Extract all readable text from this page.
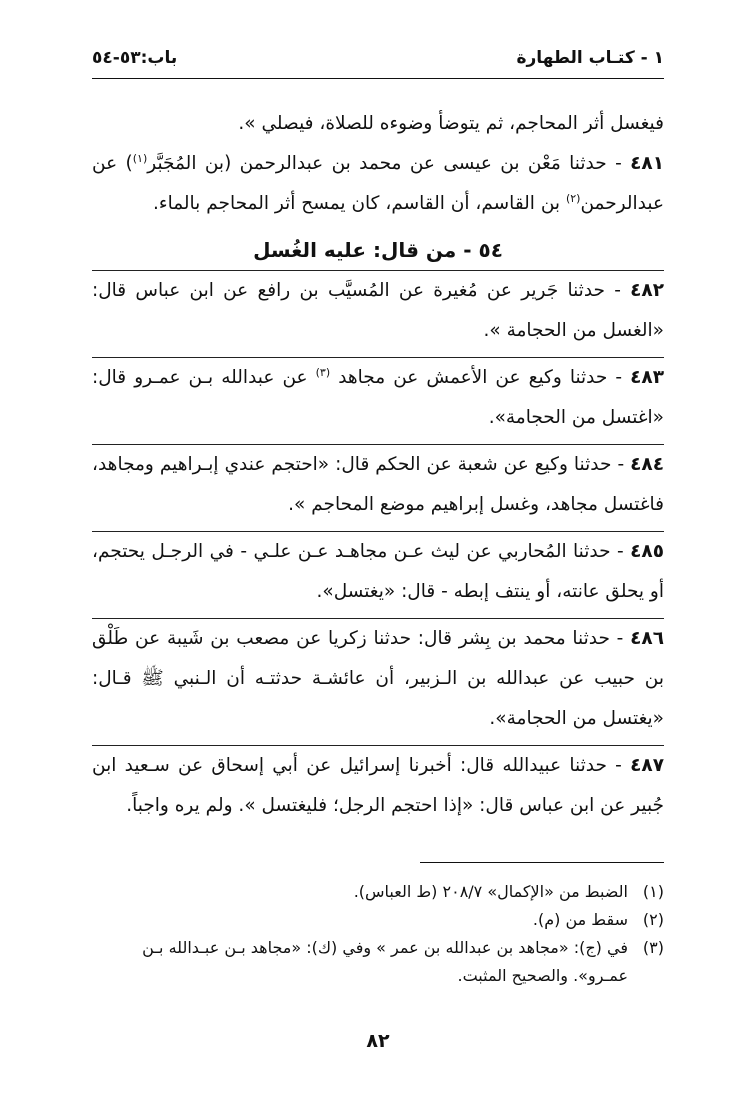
١ - كتـاب الطهارة
باب:٥٣-٥٤

فيغسل أثر المحاجم، ثم يتوضأ وضوءه للصلاة، فيصلي ».

٤٨١ - حدثنا مَعْن بن عيسى عن محمد بن عبدالرحمن (بن المُجَبَّر$^{(١)}$) عن عبدالرحمن$^{(٢)}$ بن القاسم، أن القاسم، كان يمسح أثر المحاجم بالماء.

٥٤ - من قال: عليه الغُسل

٤٨٢ - حدثنا جَرير عن مُغيرة عن المُسيَّب بن رافع عن ابن عباس قال: «الغسل من الحجامة ».

٤٨٣ - حدثنا وكيع عن الأعمش عن مجاهد $^{(٣)}$ عن عبدالله بـن عمـرو قال: «اغتسل من الحجامة».

٤٨٤ - حدثنا وكيع عن شعبة عن الحكم قال: «احتجم عندي إبـراهيم ومجاهد، فاغتسل مجاهد، وغسل إبراهيم موضع المحاجم ».

٤٨٥ - حدثنا المُحاربي عن ليث عـن مجاهـد عـن علـي - في الرجـل يحتجم، أو يحلق عانته، أو ينتف إبطه - قال: «يغتسل».

٤٨٦ - حدثنا محمد بن بِشر قال: حدثنا زكريا عن مصعب بن شَيبة عن طَلْق بن حبيب عن عبدالله بن الـزبير، أن عائشـة حدثتـه أن الـنبي ﷺ قـال: «يغتسل من الحجامة».

٤٨٧ - حدثنا عبيدالله قال: أخبرنا إسرائيل عن أبي إسحاق عن سـعيد ابن جُبير عن ابن عباس قال: «إذا احتجم الرجل؛ فليغتسل ». ولم يره واجباً.

(١)
الضبط من «الإكمال» ٢٠٨/٧ (ط العباس).
(٢)
سقط من (م).
(٣)
في (ج): «مجاهد بن عبدالله بن عمر » وفي (ك): «مجاهد بـن عبـدالله بـن عمـرو». والصحيح المثبت.
٨٢
